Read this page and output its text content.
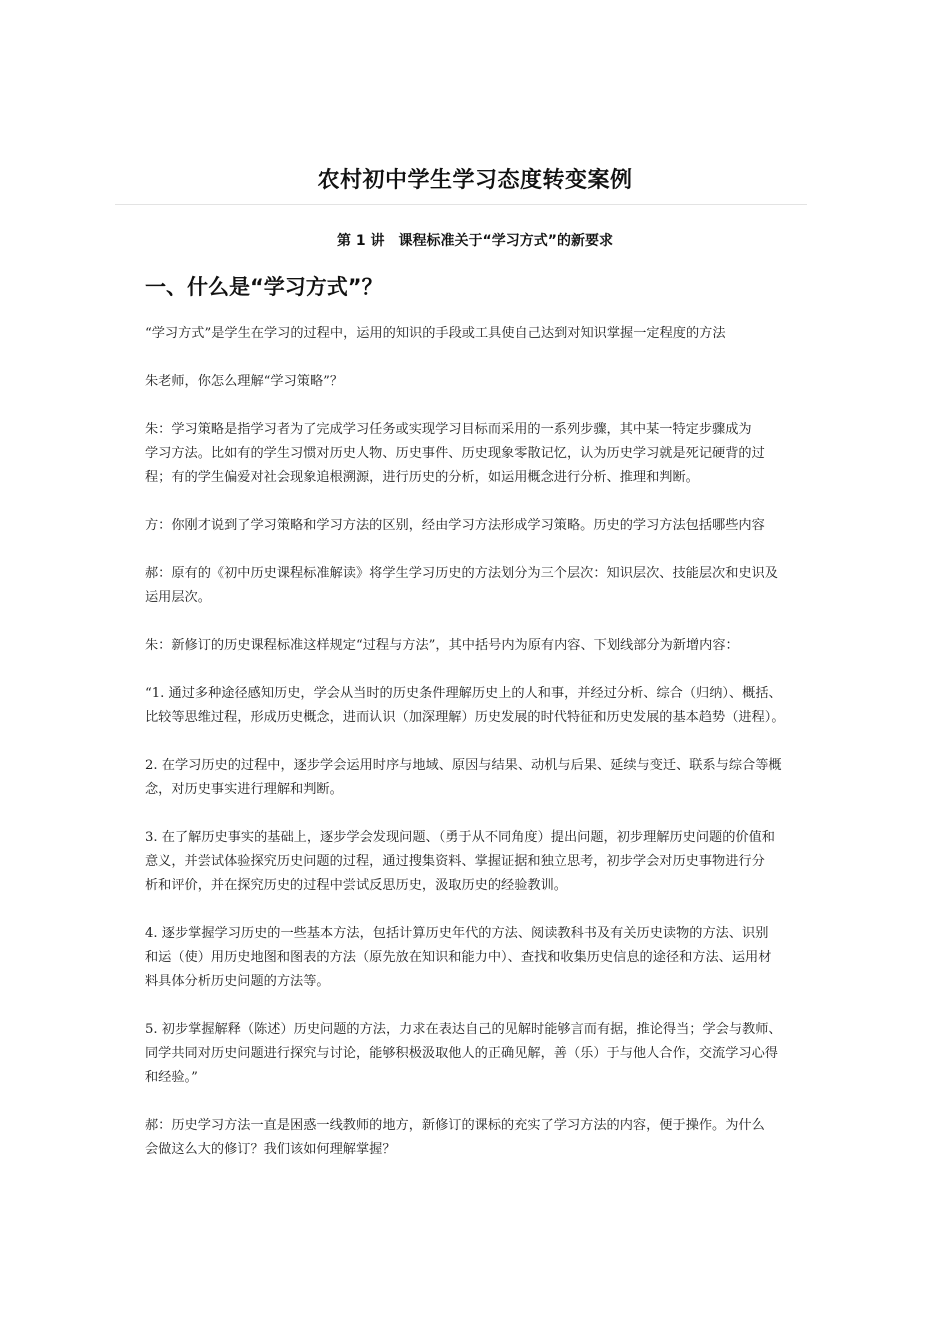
农村初中学生学习态度转变案例
第 1 讲　课程标准关于“学习方式”的新要求
一、什么是“学习方式”？

“学习方式”是学生在学习的过程中，运用的知识的手段或工具使自己达到对知识掌握一定程度的方法

朱老师，你怎么理解“学习策略”？

朱：学习策略是指学习者为了完成学习任务或实现学习目标而采用的一系列步骤，其中某一特定步骤成为
学习方法。比如有的学生习惯对历史人物、历史事件、历史现象零散记忆，认为历史学习就是死记硬背的过
程；有的学生偏爱对社会现象追根溯源，进行历史的分析，如运用概念进行分析、推理和判断。

方：你刚才说到了学习策略和学习方法的区别，经由学习方法形成学习策略。历史的学习方法包括哪些内容

郝：原有的《初中历史课程标准解读》将学生学习历史的方法划分为三个层次：知识层次、技能层次和史识及
运用层次。

朱：新修订的历史课程标准这样规定“过程与方法”，其中括号内为原有内容、下划线部分为新增内容：

“1. 通过多种途径感知历史，学会从当时的历史条件理解历史上的人和事，并经过分析、综合（归纳）、概括、
比较等思维过程，形成历史概念，进而认识（加深理解）历史发展的时代特征和历史发展的基本趋势（进程）。

2. 在学习历史的过程中，逐步学会运用时序与地域、原因与结果、动机与后果、延续与变迁、联系与综合等概
念，对历史事实进行理解和判断。

3. 在了解历史事实的基础上，逐步学会发现问题、（勇于从不同角度）提出问题，初步理解历史问题的价值和
意义，并尝试体验探究历史问题的过程，通过搜集资料、掌握证据和独立思考，初步学会对历史事物进行分
析和评价，并在探究历史的过程中尝试反思历史，汲取历史的经验教训。

4. 逐步掌握学习历史的一些基本方法，包括计算历史年代的方法、阅读教科书及有关历史读物的方法、识别
和运（使）用历史地图和图表的方法（原先放在知识和能力中）、查找和收集历史信息的途径和方法、运用材
料具体分析历史问题的方法等。

5. 初步掌握解释（陈述）历史问题的方法，力求在表达自己的见解时能够言而有据，推论得当；学会与教师、
同学共同对历史问题进行探究与讨论，能够积极汲取他人的正确见解，善（乐）于与他人合作，交流学习心得
和经验。”

郝：历史学习方法一直是困惑一线教师的地方，新修订的课标的充实了学习方法的内容，便于操作。为什么
会做这么大的修订？我们该如何理解掌握？
